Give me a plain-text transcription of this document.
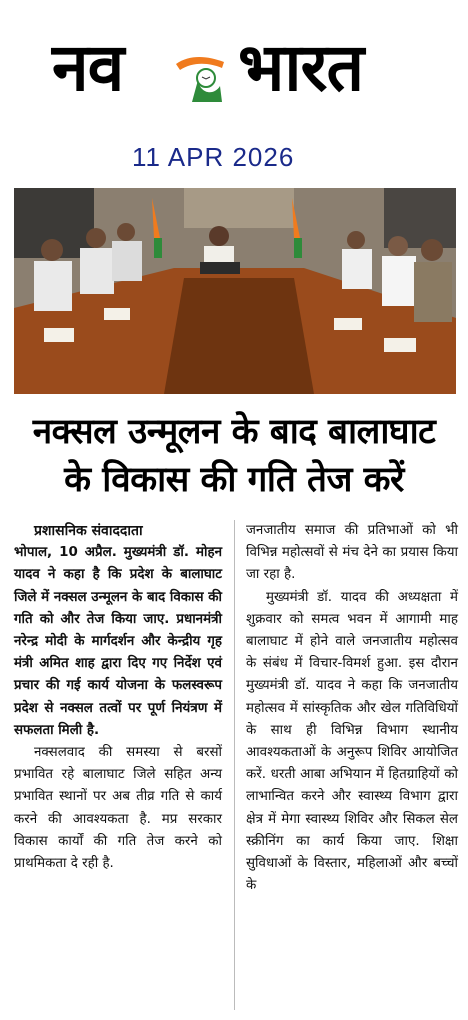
नव भारत
11 APR 2026
नक्सल उन्मूलन के बाद बालाघाट
के विकास की गति तेज करें

प्रशासनिक संवाददाता

भोपाल, 10 अप्रैल. मुख्यमंत्री डॉ. मोहन यादव ने कहा है कि प्रदेश के बालाघाट जिले में नक्सल उन्मूलन के बाद विकास की गति को और तेज किया जाए. प्रधानमंत्री नरेन्द्र मोदी के मार्गदर्शन और केन्द्रीय गृह मंत्री अमित शाह द्वारा दिए गए निर्देश एवं प्रचार की गई कार्य योजना के फलस्वरूप प्रदेश से नक्सल तत्वों पर पूर्ण नियंत्रण में सफलता मिली है.

नक्सलवाद की समस्या से बरसों प्रभावित रहे बालाघाट जिले सहित अन्य प्रभावित स्थानों पर अब तीव्र गति से कार्य करने की आवश्यकता है. मप्र सरकार विकास कार्यों की गति तेज करने को प्राथमिकता दे रही है.

जनजातीय समाज की प्रतिभाओं को भी विभिन्न महोत्सवों से मंच देने का प्रयास किया जा रहा है.

मुख्यमंत्री डॉ. यादव की अध्यक्षता में शुक्रवार को समत्व भवन में आगामी माह बालाघाट में होने वाले जनजातीय महोत्सव के संबंध में विचार-विमर्श हुआ. इस दौरान मुख्यमंत्री डॉ. यादव ने कहा कि जनजातीय महोत्सव में सांस्कृतिक और खेल गतिविधियों के साथ ही विभिन्न विभाग स्थानीय आवश्यकताओं के अनुरूप शिविर आयोजित करें. धरती आबा अभियान में हितग्राहियों को लाभान्वित करने और स्वास्थ्य विभाग द्वारा क्षेत्र में मेगा स्वास्थ्य शिविर और सिकल सेल स्क्रीनिंग का कार्य किया जाए. शिक्षा सुविधाओं के विस्तार, महिलाओं और बच्चों के
